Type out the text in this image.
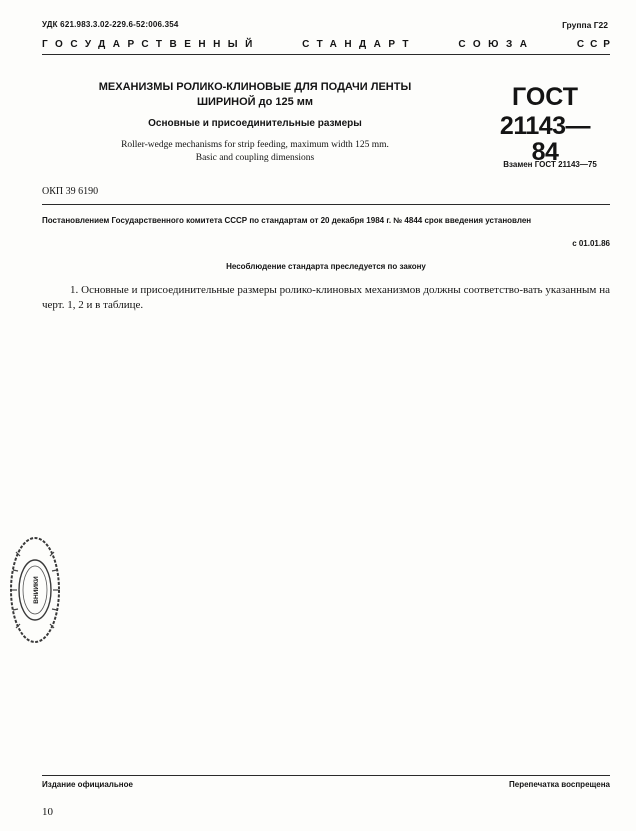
УДК 621.983.3.02-229.6-52:006.354	Группа Г22
ГОСУДАРСТВЕННЫЙ	СТАНДАРТ	СОЮЗА	ССР
МЕХАНИЗМЫ РОЛИКО-КЛИНОВЫЕ ДЛЯ ПОДАЧИ ЛЕНТЫ
ШИРИНОЙ до 125 мм
Основные и присоединительные размеры
Roller-wedge mechanisms for strip feeding, maximum width 125 mm.
Basic and coupling dimensions
ГОСТ
21143—84
Взамен ГОСТ 21143—75
ОКП 39 6190
Постановлением Государственного комитета СССР по стандартам от 20 декабря 1984 г. № 4844 срок введения установлен
с 01.01.86
Несоблюдение стандарта преследуется по закону
1. Основные и присоединительные размеры ролико-клиновых механизмов должны соответство-вать указанным на черт. 1, 2 и в таблице.
ВНИИКИ
Издание официальное	Перепечатка воспрещена
10
